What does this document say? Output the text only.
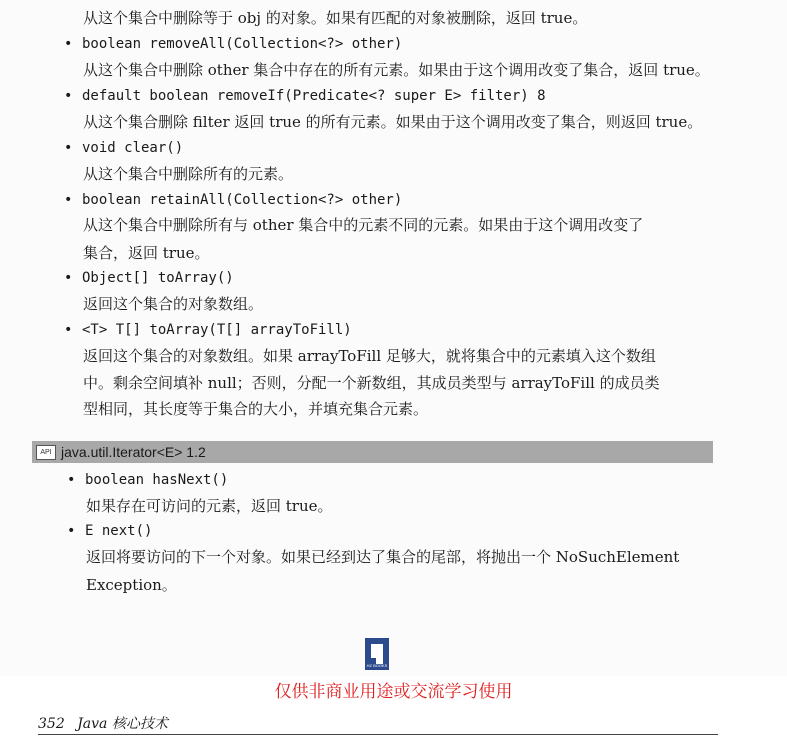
从这个集合中删除等于 obj 的对象。如果有匹配的对象被删除，返回 true。
• boolean removeAll(Collection<?> other)
从这个集合中删除 other 集合中存在的所有元素。如果由于这个调用改变了集合，返回 true。
• default boolean removeIf(Predicate<? super E> filter) 8
从这个集合删除 filter 返回 true 的所有元素。如果由于这个调用改变了集合，则返回 true。
• void clear()
从这个集合中删除所有的元素。
• boolean retainAll(Collection<?> other)
从这个集合中删除所有与 other 集合中的元素不同的元素。如果由于这个调用改变了
集合，返回 true。
• Object[] toArray()
返回这个集合的对象数组。
• <T> T[] toArray(T[] arrayToFill)
返回这个集合的对象数组。如果 arrayToFill 足够大，就将集合中的元素填入这个数组
中。剩余空间填补 null；否则，分配一个新数组，其成员类型与 arrayToFill 的成员类
型相同，其长度等于集合的大小，并填充集合元素。
API java.util.Iterator<E> 1.2
• boolean hasNext()
如果存在可访问的元素，返回 true。
• E next()
返回将要访问的下一个对象。如果已经到达了集合的尾部，将抛出一个 NoSuchElement
Exception。
HZ BOOKS
仅供非商业用途或交流学习使用
352 Java 核心技术
